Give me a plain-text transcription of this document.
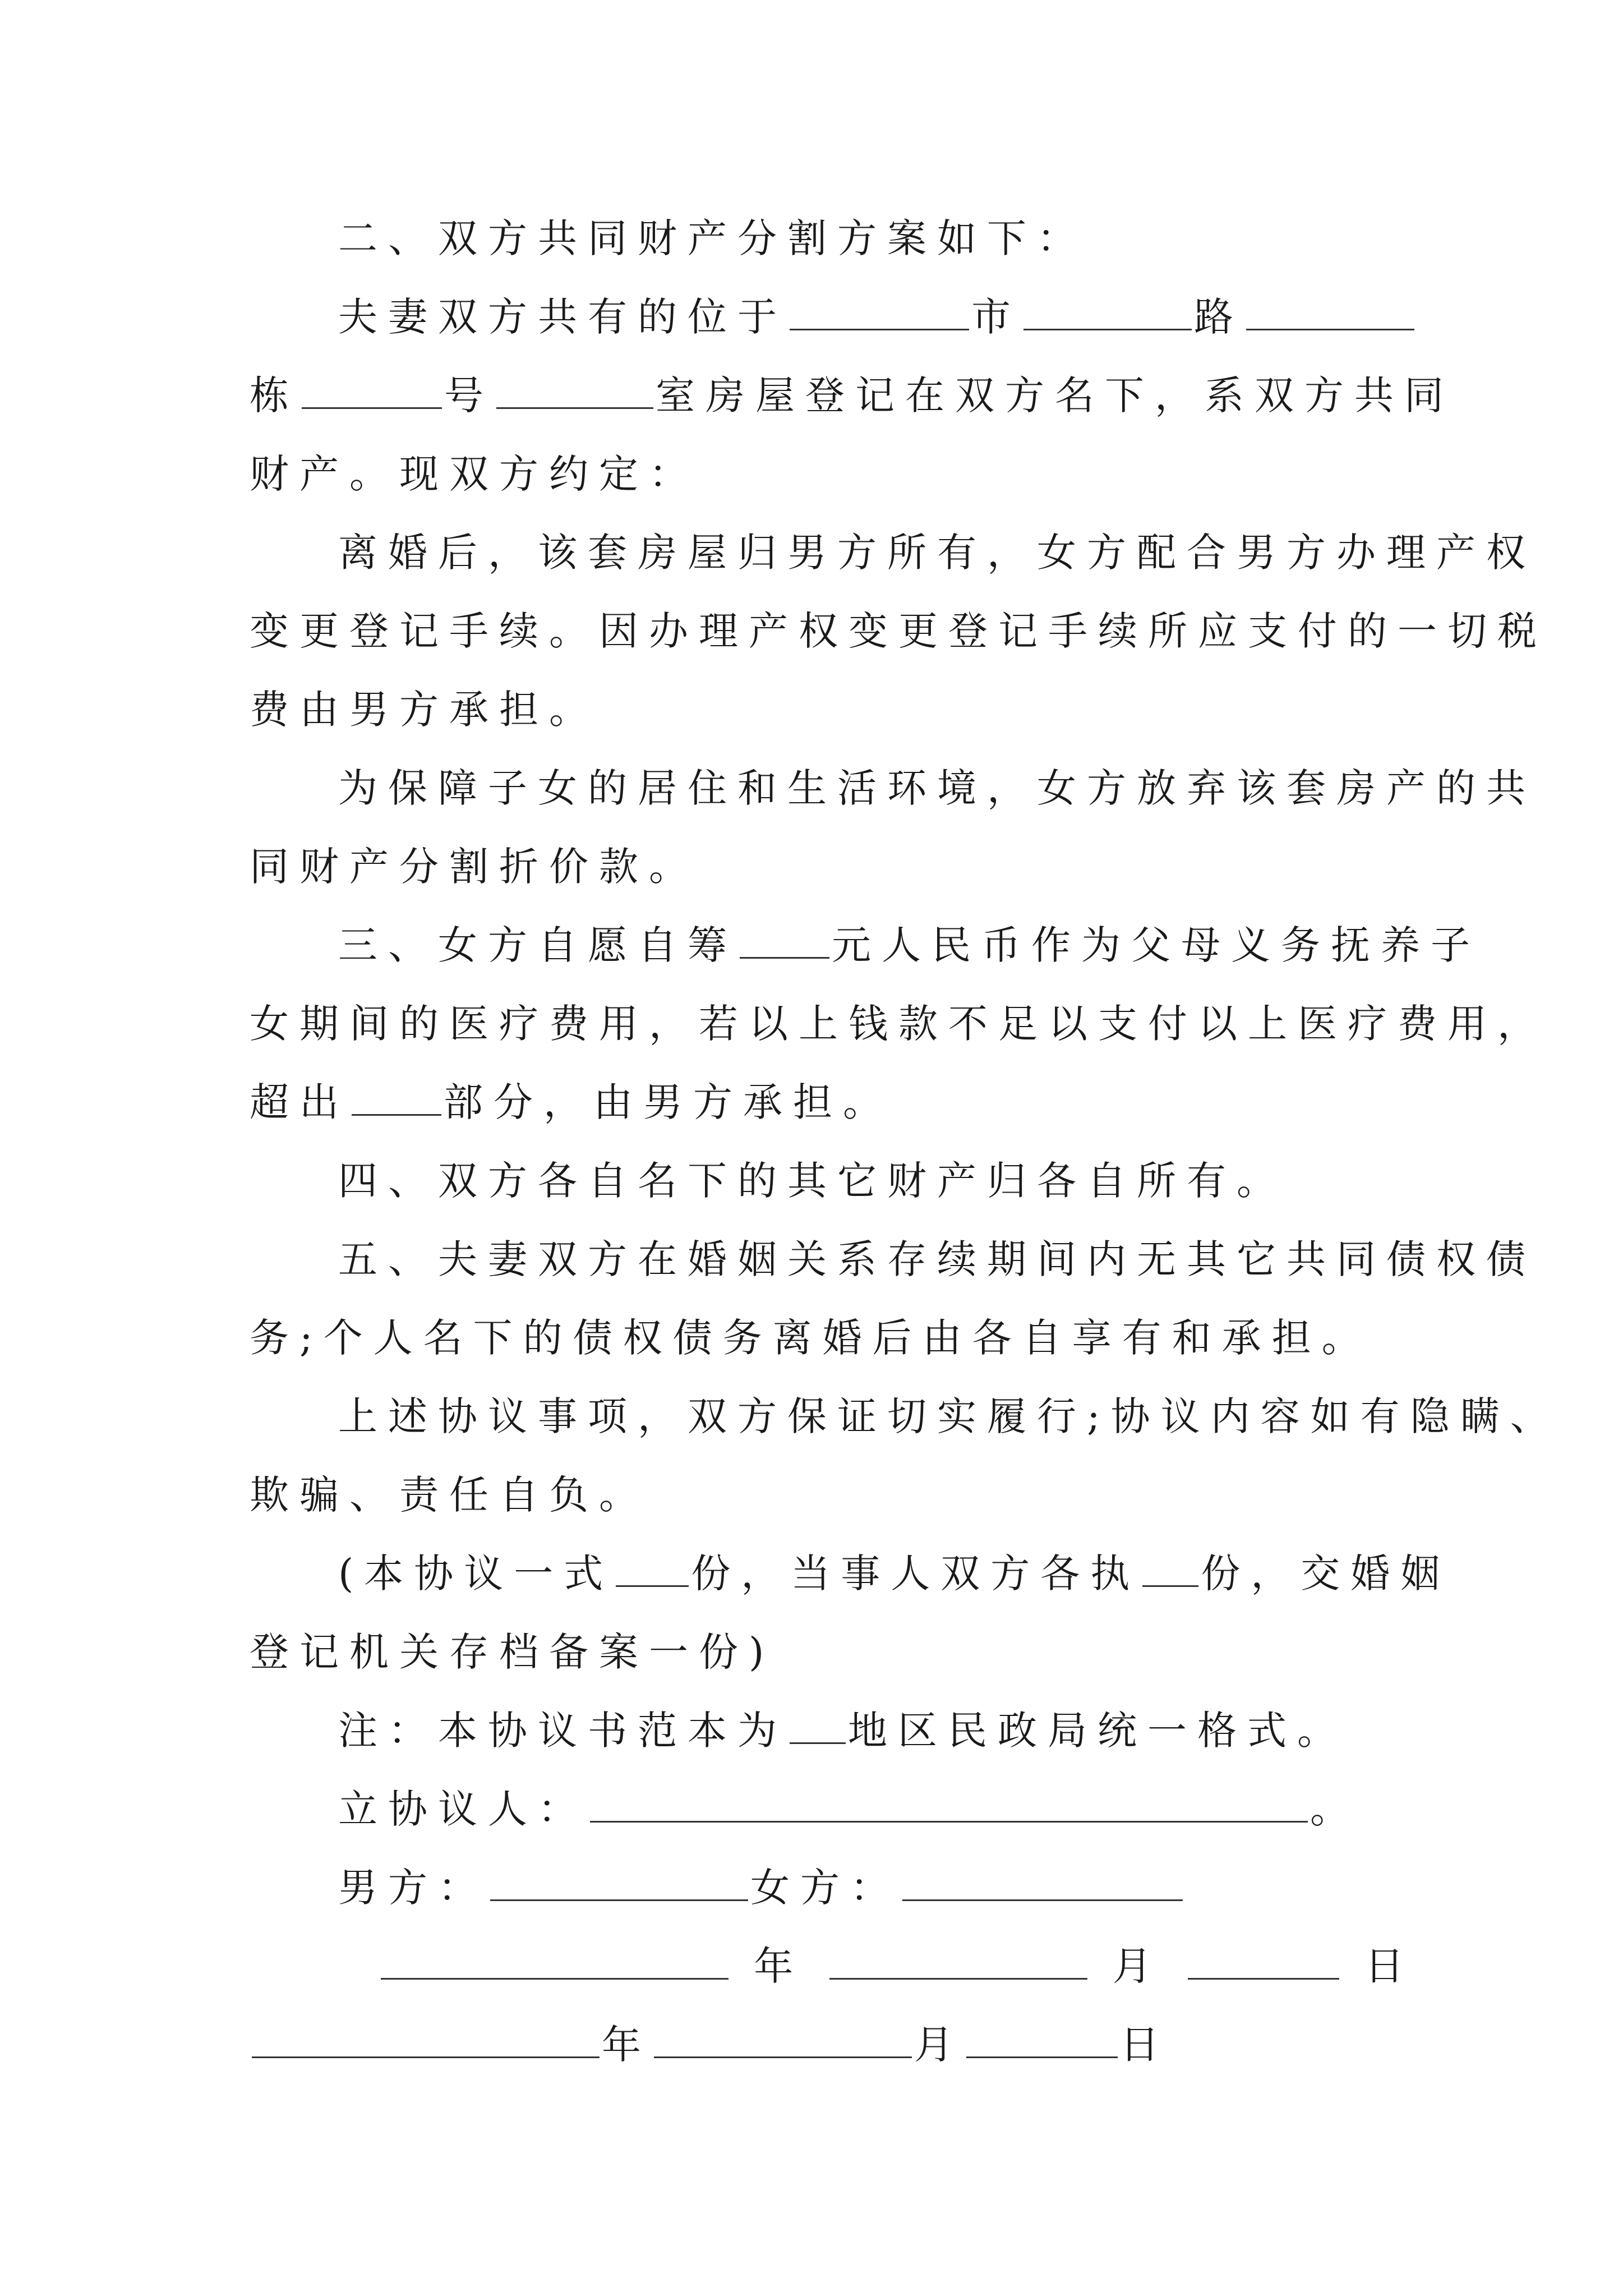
二、双方共同财产分割方案如下：
夫妻双方共有的位于	市	路
栋	号	室房屋登记在双方名下，系双方共同
财产。现双方约定：
离婚后，该套房屋归男方所有，女方配合男方办理产权
变更登记手续。因办理产权变更登记手续所应支付的一切税
费由男方承担。
为保障子女的居住和生活环境，女方放弃该套房产的共
同财产分割折价款。
三、女方自愿自筹 元人民币作为父母义务抚养子
女期间的医疗费用，若以上钱款不足以支付以上医疗费用，
超出 部分，由男方承担。
四、双方各自名下的其它财产归各自所有。
五、夫妻双方在婚姻关系存续期间内无其它共同债权债
务;个人名下的债权债务离婚后由各自享有和承担。
上述协议事项，双方保证切实履行;协议内容如有隐瞒、
欺骗、责任自负。
(本协议一式 份，当事人双方各执 份，交婚姻
登记机关存档备案一份)
注：本协议书范本为 地区民政局统一格式。
立协议人：	。
男方：	女方：
年	月	日
年	月	日
